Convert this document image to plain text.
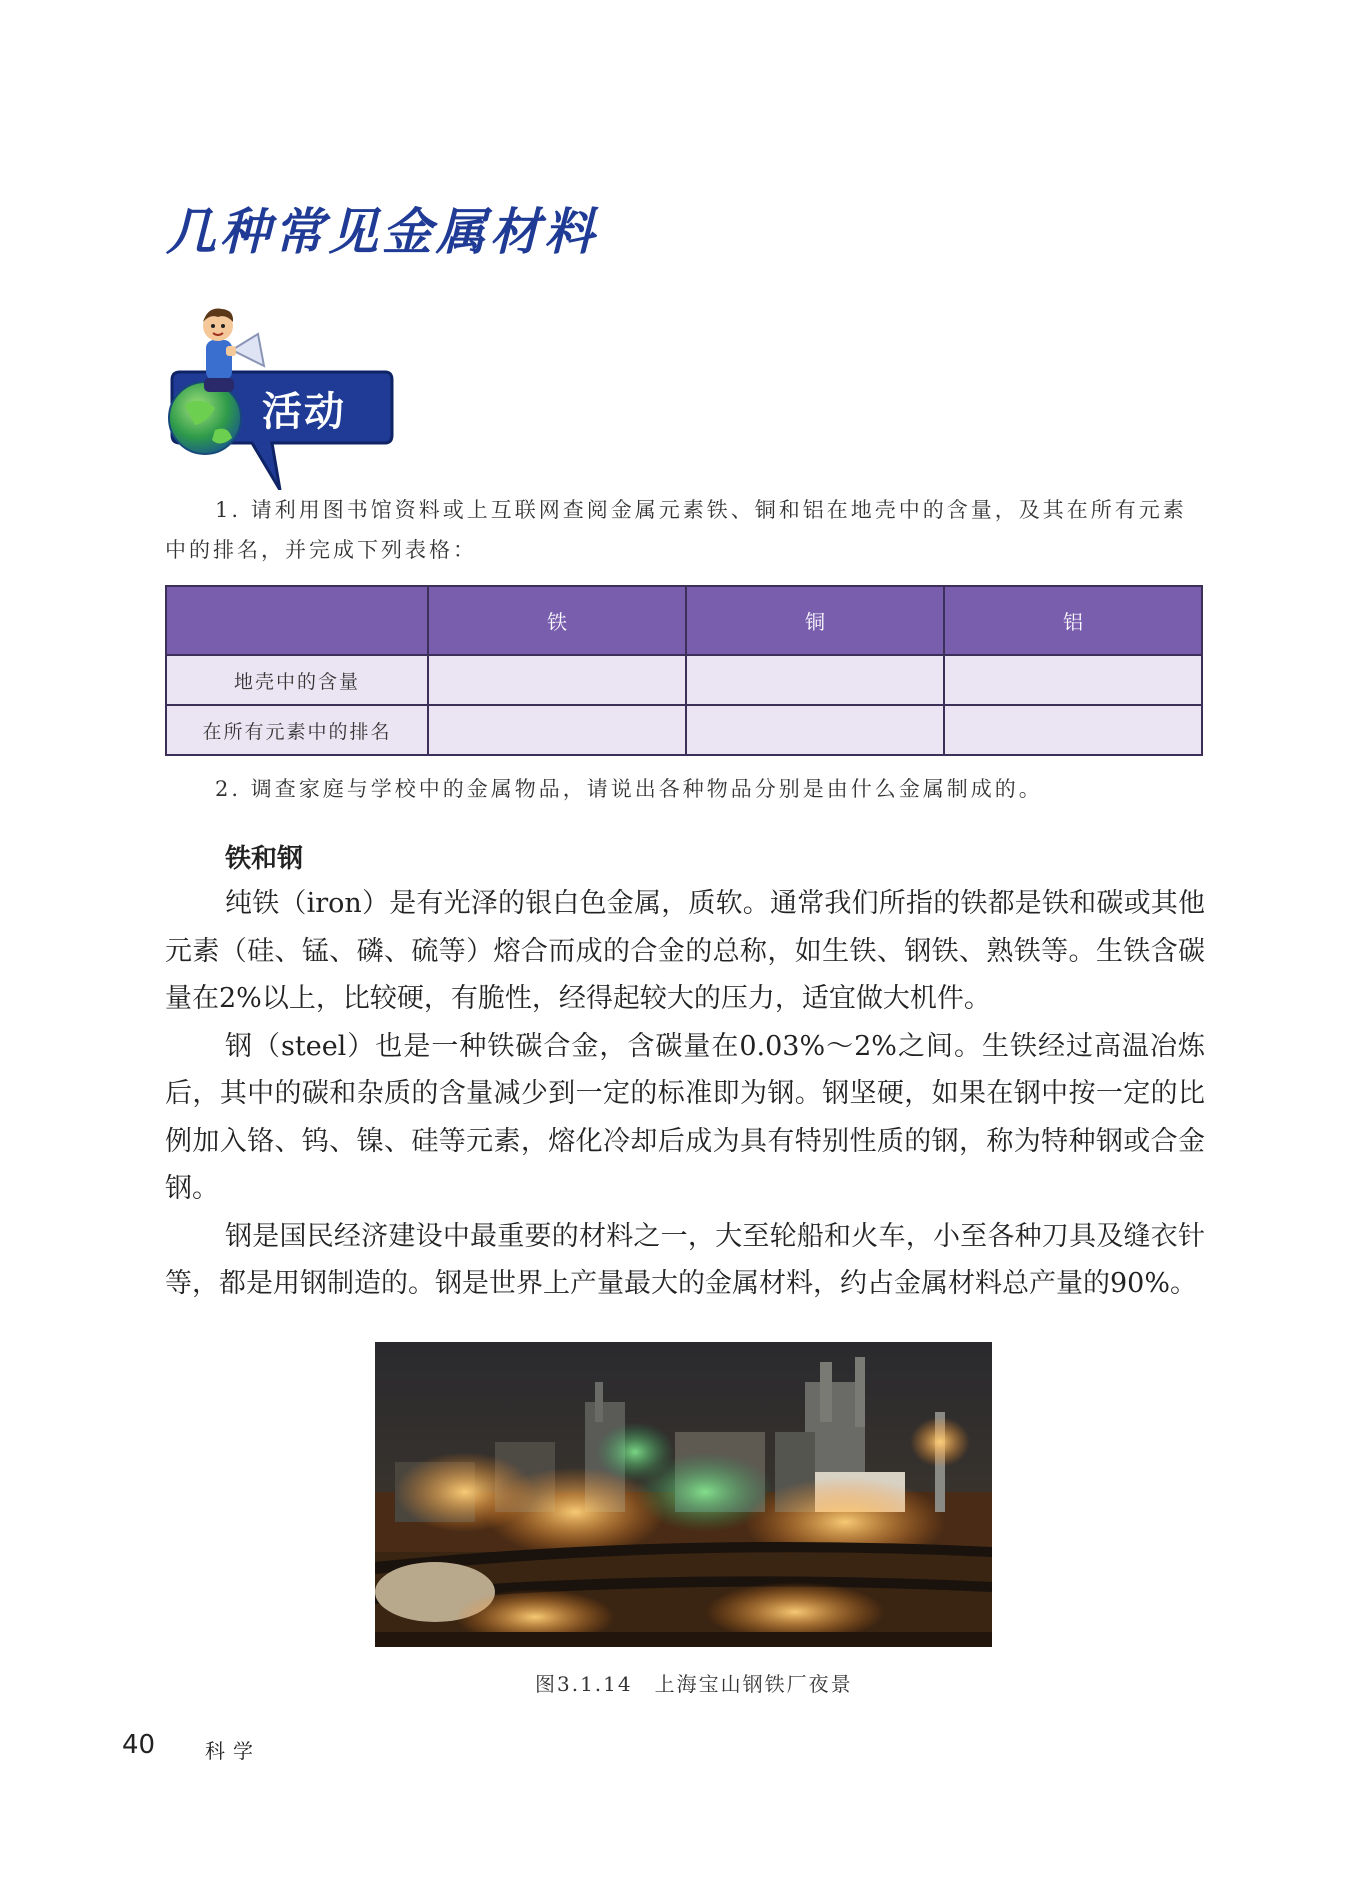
几种常见金属材料
活动
1. 请利用图书馆资料或上互联网查阅金属元素铁、铜和铝在地壳中的含量，及其在所有元素中的排名，并完成下列表格：
	铁	铜	铝
地壳中的含量			
在所有元素中的排名			
2. 调查家庭与学校中的金属物品，请说出各种物品分别是由什么金属制成的。
铁和钢

纯铁（iron）是有光泽的银白色金属，质软。通常我们所指的铁都是铁和碳或其他元素（硅、锰、磷、硫等）熔合而成的合金的总称，如生铁、钢铁、熟铁等。生铁含碳量在2%以上，比较硬，有脆性，经得起较大的压力，适宜做大机件。

钢（steel）也是一种铁碳合金，含碳量在0.03%～2%之间。生铁经过高温冶炼后，其中的碳和杂质的含量减少到一定的标准即为钢。钢坚硬，如果在钢中按一定的比例加入铬、钨、镍、硅等元素，熔化冷却后成为具有特别性质的钢，称为特种钢或合金钢。

钢是国民经济建设中最重要的材料之一，大至轮船和火车，小至各种刀具及缝衣针等，都是用钢制造的。钢是世界上产量最大的金属材料，约占金属材料总产量的90%。

图3.1.14　上海宝山钢铁厂夜景
40 科学
